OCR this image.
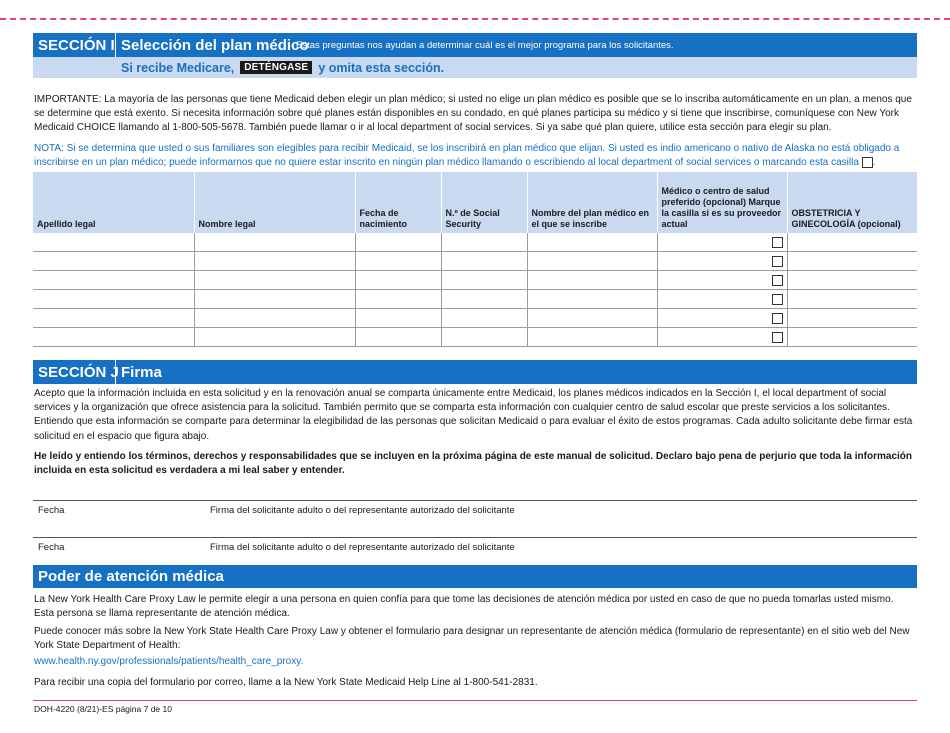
SECCIÓN I Selección del plan médico
Estas preguntas nos ayudan a determinar cuál es el mejor programa para los solicitantes.
Si recibe Medicare,	DETÉNGASE y omita esta sección.
IMPORTANTE: La mayoría de las personas que tiene Medicaid deben elegir un plan médico; si usted no elige un plan médico es posible que se lo inscriba automáticamente en un plan, a menos que se determine que está exento. Si necesita información sobre qué planes están disponibles en su condado, en qué planes participa su médico y si tiene que inscribirse, comuníquese con New York Medicaid CHOICE llamando al 1-800-505-5678. También puede llamar o ir al local department of social services. Si ya sabe qué plan quiere, utilice esta sección para elegir su plan.
NOTA: Si se determina que usted o sus familiares son elegibles para recibir Medicaid, se los inscribirá en plan médico que elijan. Si usted es indio americano o nativo de Alaska no está obligado a inscribirse en un plan médico; puede informarnos que no quiere estar inscrito en ningún plan médico llamando o escribiendo al local department of social services o marcando esta casilla .
Apellido legal	Nombre legal	Fecha de nacimiento	N.º de Social Security	Nombre del plan médico en el que se inscribe	Médico o centro de salud preferido (opcional) Marque la casilla si es su proveedor actual	OBSTETRICIA Y GINECOLOGÍA (opcional)

SECCIÓN J Firma
Acepto que la información incluida en esta solicitud y en la renovación anual se comparta únicamente entre Medicaid, los planes médicos indicados en la Sección I, el local department of social services y la organización que ofrece asistencia para la solicitud. También permito que se comparta esta información con cualquier centro de salud escolar que preste servicios a los solicitantes. Entiendo que esta información se comparte para determinar la elegibilidad de las personas que solicitan Medicaid o para evaluar el éxito de estos programas. Cada adulto solicitante debe firmar esta solicitud en el espacio que figura abajo.
He leído y entiendo los términos, derechos y responsabilidades que se incluyen en la próxima página de este manual de solicitud. Declaro bajo pena de perjurio que toda la información incluida en esta solicitud es verdadera a mi leal saber y entender.
Fecha	Firma del solicitante adulto o del representante autorizado del solicitante
Fecha	Firma del solicitante adulto o del representante autorizado del solicitante
Poder de atención médica
La New York Health Care Proxy Law le permite elegir a una persona en quien confía para que tome las decisiones de atención médica por usted en caso de que no pueda tomarlas usted mismo. Esta persona se llama representante de atención médica.
Puede conocer más sobre la New York State Health Care Proxy Law y obtener el formulario para designar un representante de atención médica (formulario de representante) en el sitio web del New York State Department of Health:
www.health.ny.gov/professionals/patients/health_care_proxy.
Para recibir una copia del formulario por correo, llame a la New York State Medicaid Help Line al 1-800-541-2831.
DOH-4220 (8/21)-ES página 7 de 10
